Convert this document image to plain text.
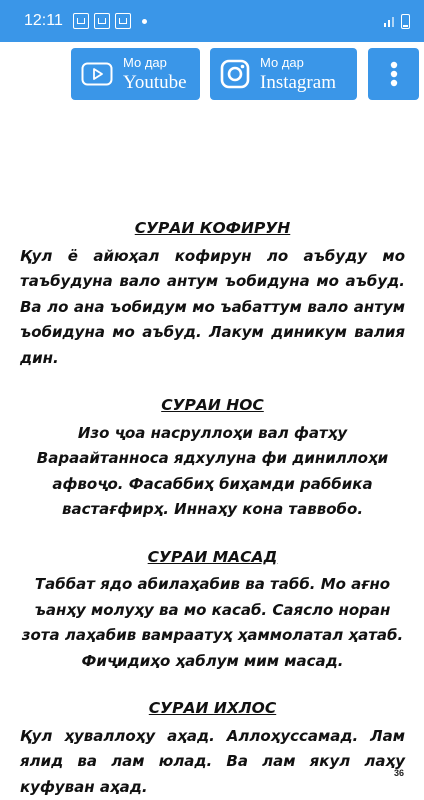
12:11
Мо дар
Youtube
Мо дар
Instagram
СУРАИ КОФИРУН

Қул ё айюҳал кофирун ло аъбуду мо таъбудуна вало антум ъобидуна мо аъбуд. Ва ло ана ъобидум мо ъабаттум вало антум ъобидуна мо аъбуд. Лакум диникум валия дин.

СУРАИ НОС

Изо ҷоа насруллоҳи вал фатҳу Вараайтанноса ядхулуна фи диниллоҳи афвоҷо. Фасаббиҳ биҳамди раббика вастағфирҳ. Иннаҳу кона таввобо.

СУРАИ МАСАД

Таббат ядо абилаҳабив ва табб. Мо ағно ъанҳу молуҳу ва мо касаб. Саясло норан зота лаҳабив вамраатуҳ ҳаммолатал ҳатаб. Фиҷидиҳо ҳаблум мим масад.

СУРАИ ИХЛОС

Қул ҳуваллоҳу аҳад. Аллоҳуссамад. Лам ялид ва лам юлад. Ва лам якул лаҳу куфуван аҳад.

36
